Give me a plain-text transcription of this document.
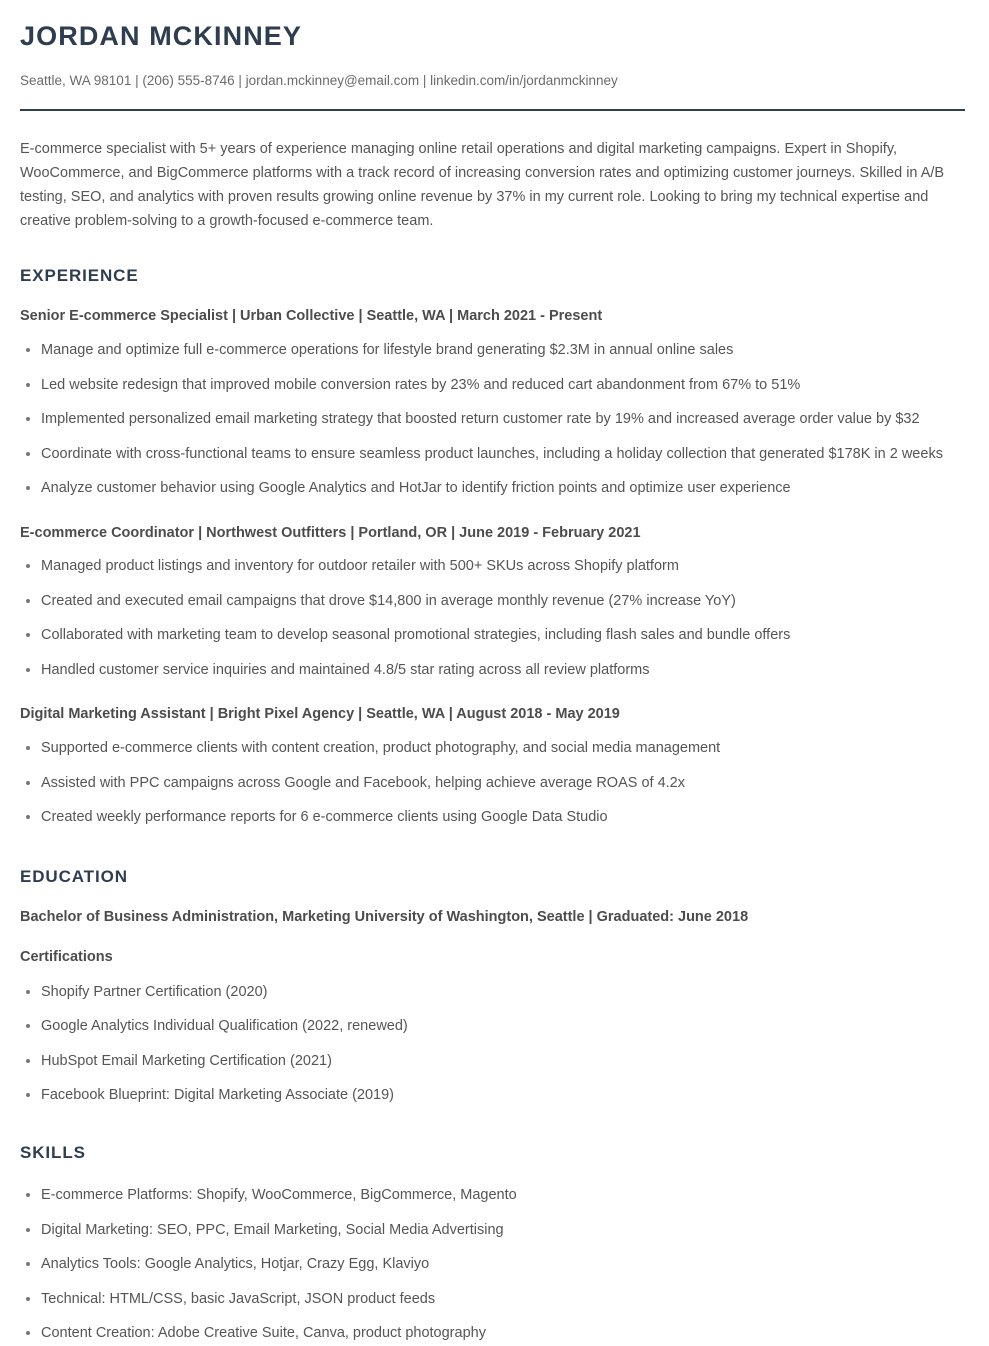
JORDAN MCKINNEY
Seattle, WA 98101 | (206) 555-8746 | jordan.mckinney@email.com | linkedin.com/in/jordanmckinney

E-commerce specialist with 5+ years of experience managing online retail operations and digital marketing campaigns. Expert in Shopify, WooCommerce, and BigCommerce platforms with a track record of increasing conversion rates and optimizing customer journeys. Skilled in A/B testing, SEO, and analytics with proven results growing online revenue by 37% in my current role. Looking to bring my technical expertise and creative problem-solving to a growth-focused e-commerce team.

EXPERIENCE
Senior E-commerce Specialist | Urban Collective | Seattle, WA | March 2021 - Present
Manage and optimize full e-commerce operations for lifestyle brand generating $2.3M in annual online sales
Led website redesign that improved mobile conversion rates by 23% and reduced cart abandonment from 67% to 51%
Implemented personalized email marketing strategy that boosted return customer rate by 19% and increased average order value by $32
Coordinate with cross-functional teams to ensure seamless product launches, including a holiday collection that generated $178K in 2 weeks
Analyze customer behavior using Google Analytics and HotJar to identify friction points and optimize user experience
E-commerce Coordinator | Northwest Outfitters | Portland, OR | June 2019 - February 2021
Managed product listings and inventory for outdoor retailer with 500+ SKUs across Shopify platform
Created and executed email campaigns that drove $14,800 in average monthly revenue (27% increase YoY)
Collaborated with marketing team to develop seasonal promotional strategies, including flash sales and bundle offers
Handled customer service inquiries and maintained 4.8/5 star rating across all review platforms
Digital Marketing Assistant | Bright Pixel Agency | Seattle, WA | August 2018 - May 2019
Supported e-commerce clients with content creation, product photography, and social media management
Assisted with PPC campaigns across Google and Facebook, helping achieve average ROAS of 4.2x
Created weekly performance reports for 6 e-commerce clients using Google Data Studio
EDUCATION
Bachelor of Business Administration, Marketing University of Washington, Seattle | Graduated: June 2018
Certifications
Shopify Partner Certification (2020)
Google Analytics Individual Qualification (2022, renewed)
HubSpot Email Marketing Certification (2021)
Facebook Blueprint: Digital Marketing Associate (2019)
SKILLS
E-commerce Platforms: Shopify, WooCommerce, BigCommerce, Magento
Digital Marketing: SEO, PPC, Email Marketing, Social Media Advertising
Analytics Tools: Google Analytics, Hotjar, Crazy Egg, Klaviyo
Technical: HTML/CSS, basic JavaScript, JSON product feeds
Content Creation: Adobe Creative Suite, Canva, product photography
